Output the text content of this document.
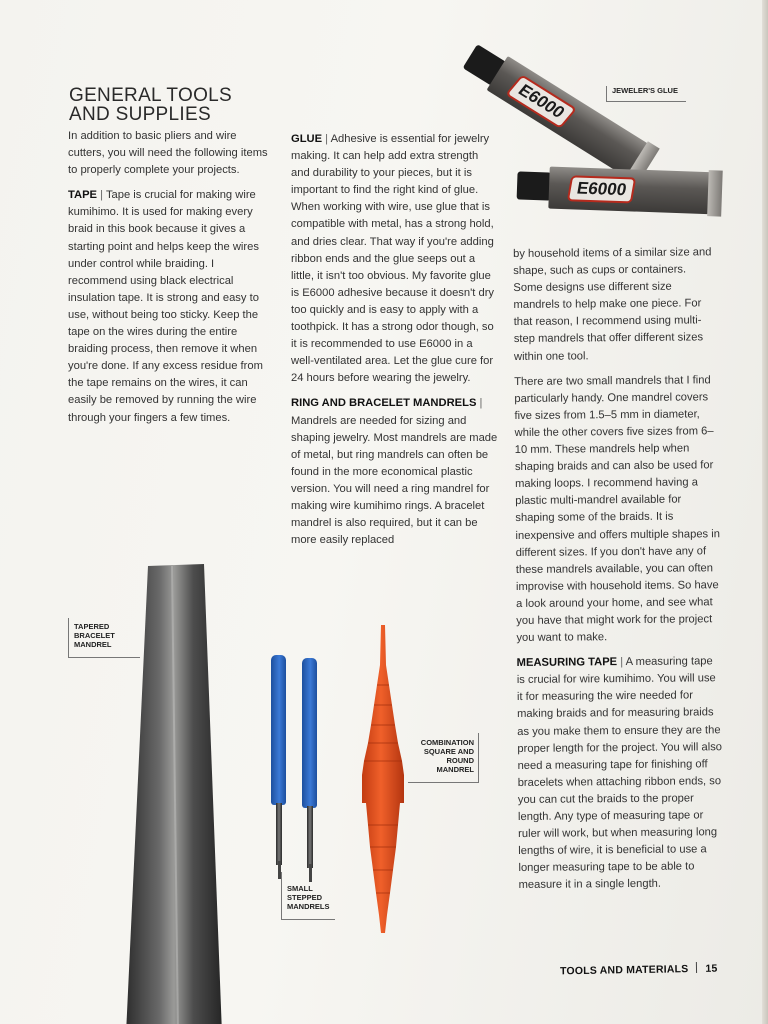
E6000
E6000
JEWELER'S GLUE
GENERAL TOOLS
AND SUPPLIES

In addition to basic pliers and wire cutters, you will need the following items to properly complete your projects.

TAPE | Tape is crucial for making wire kumihimo. It is used for making every braid in this book because it gives a starting point and helps keep the wires under control while braiding. I recommend using black electrical insulation tape. It is strong and easy to use, without being too sticky. Keep the tape on the wires during the entire braiding process, then remove it when you're done. If any excess residue from the tape remains on the wires, it can easily be removed by running the wire through your fingers a few times.

GLUE | Adhesive is essential for jewelry making. It can help add extra strength and durability to your pieces, but it is important to find the right kind of glue. When working with wire, use glue that is compatible with metal, has a strong hold, and dries clear. That way if you're adding ribbon ends and the glue seeps out a little, it isn't too obvious. My favorite glue is E6000 adhesive because it doesn't dry too quickly and is easy to apply with a toothpick. It has a strong odor though, so it is recommended to use E6000 in a well-ventilated area. Let the glue cure for 24 hours before wearing the jewelry.

RING AND BRACELET MANDRELS | Mandrels are needed for sizing and shaping jewelry. Most mandrels are made of metal, but ring mandrels can often be found in the more economical plastic version. You will need a ring mandrel for making wire kumihimo rings. A bracelet mandrel is also required, but it can be more easily replaced

by household items of a similar size and shape, such as cups or containers. Some designs use different size mandrels to help make one piece. For that reason, I recommend using multi-step mandrels that offer different sizes within one tool.

There are two small mandrels that I find particularly handy. One mandrel covers five sizes from 1.5–5 mm in diameter, while the other covers five sizes from 6–10 mm. These mandrels help when shaping braids and can also be used for making loops. I recommend having a plastic multi-mandrel available for shaping some of the braids. It is inexpensive and offers multiple shapes in different sizes. If you don't have any of these mandrels available, you can often improvise with household items. So have a look around your home, and see what you have that might work for the project you want to make.

MEASURING TAPE | A measuring tape is crucial for wire kumihimo. You will use it for measuring the wire needed for making braids and for measuring braids as you make them to ensure they are the proper length for the project. You will also need a measuring tape for finishing off bracelets when attaching ribbon ends, so you can cut the braids to the proper length. Any type of measuring tape or ruler will work, but when measuring long lengths of wire, it is beneficial to use a longer measuring tape to be able to measure it in a single length.

TAPERED
BRACELET
MANDREL
SMALL
STEPPED
MANDRELS
COMBINATION
SQUARE AND
ROUND
MANDREL
TOOLS AND MATERIALS 15
